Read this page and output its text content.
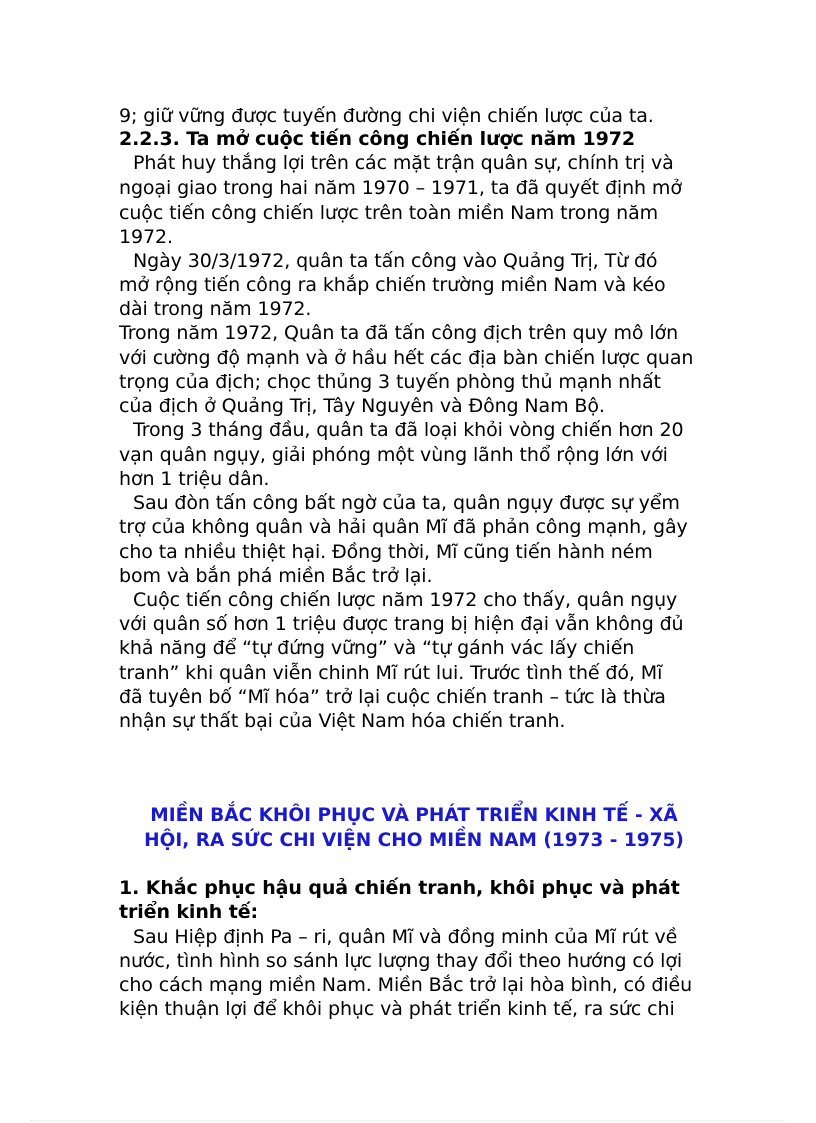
9; giữ vững được tuyến đường chi viện chiến lược của ta.
2.2.3. Ta mở cuộc tiến công chiến lược năm 1972
Phát huy thắng lợi trên các mặt trận quân sự, chính trị và
ngoại giao trong hai năm 1970 – 1971, ta đã quyết định mở
cuộc tiến công chiến lược trên toàn miền Nam trong năm
1972.
Ngày 30/3/1972, quân ta tấn công vào Quảng Trị, Từ đó
mở rộng tiến công ra khắp chiến trường miền Nam và kéo
dài trong năm 1972.
Trong năm 1972, Quân ta đã tấn công địch trên quy mô lớn
với cường độ mạnh và ở hầu hết các địa bàn chiến lược quan
trọng của địch; chọc thủng 3 tuyến phòng thủ mạnh nhất
của địch ở Quảng Trị, Tây Nguyên và Đông Nam Bộ.
Trong 3 tháng đầu, quân ta đã loại khỏi vòng chiến hơn 20
vạn quân ngụy, giải phóng một vùng lãnh thổ rộng lớn với
hơn 1 triệu dân.
Sau đòn tấn công bất ngờ của ta, quân ngụy được sự yểm
trợ của không quân và hải quân Mĩ đã phản công mạnh, gây
cho ta nhiều thiệt hại. Đồng thời, Mĩ cũng tiến hành ném
bom và bắn phá miền Bắc trở lại.
Cuộc tiến công chiến lược năm 1972 cho thấy, quân ngụy
với quân số hơn 1 triệu được trang bị hiện đại vẫn không đủ
khả năng để “tự đứng vững” và “tự gánh vác lấy chiến
tranh” khi quân viễn chinh Mĩ rút lui. Trước tình thế đó, Mĩ
đã tuyên bố “Mĩ hóa” trở lại cuộc chiến tranh – tức là thừa
nhận sự thất bại của Việt Nam hóa chiến tranh.
MIỀN BẮC KHÔI PHỤC VÀ PHÁT TRIỂN KINH TẾ - XÃ
HỘI, RA SỨC CHI VIỆN CHO MIỀN NAM (1973 - 1975)
1. Khắc phục hậu quả chiến tranh, khôi phục và phát
triển kinh tế:
Sau Hiệp định Pa – ri, quân Mĩ và đồng minh của Mĩ rút về
nước, tình hình so sánh lực lượng thay đổi theo hướng có lợi
cho cách mạng miền Nam. Miền Bắc trở lại hòa bình, có điều
kiện thuận lợi để khôi phục và phát triển kinh tế, ra sức chi
